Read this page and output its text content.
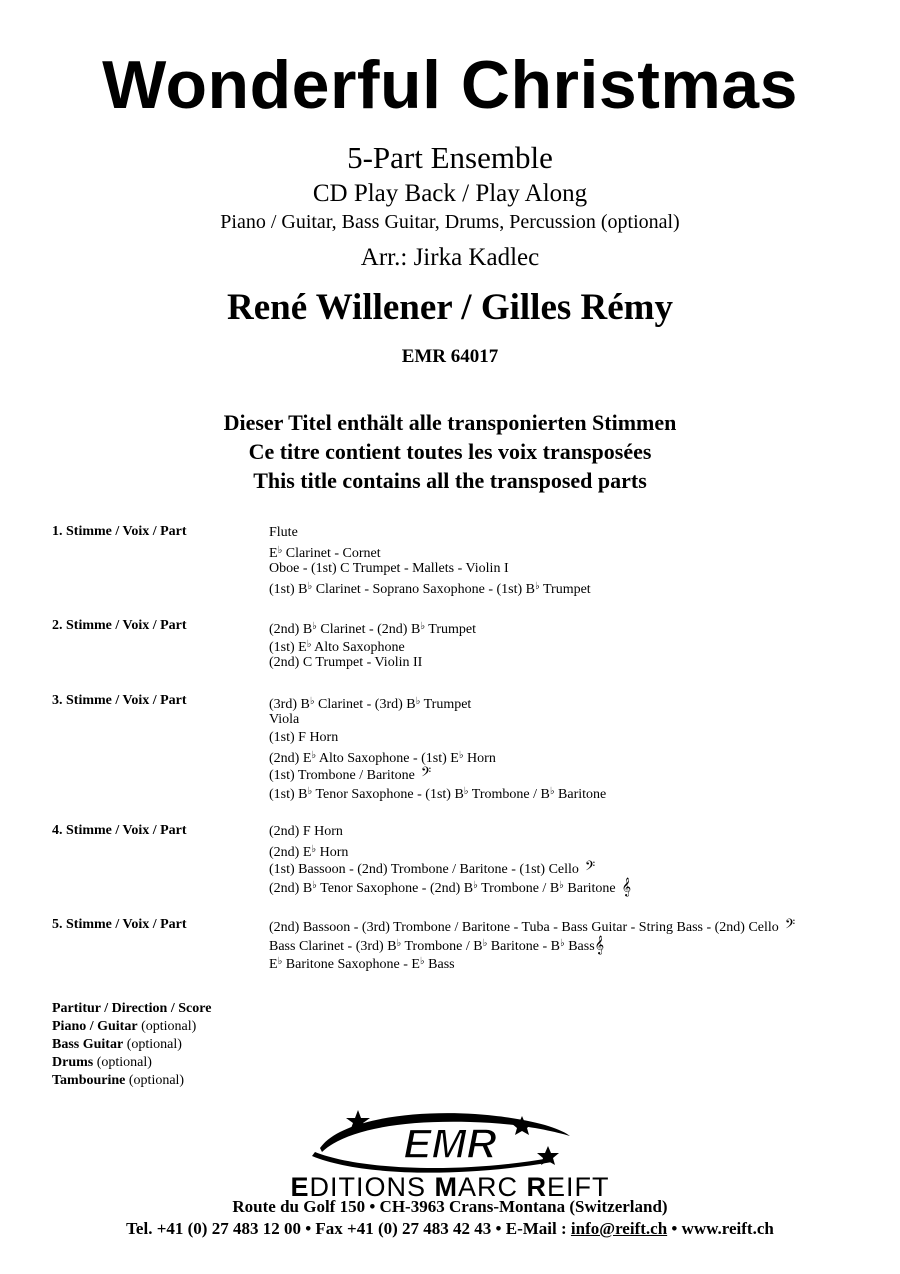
Wonderful Christmas
5-Part Ensemble
CD Play Back / Play Along
Piano / Guitar, Bass Guitar, Drums, Percussion (optional)
Arr.: Jirka Kadlec
René Willener / Gilles Rémy
EMR 64017
Dieser Titel enthält alle transponierten Stimmen
Ce titre contient toutes les voix transposées
This title contains all the transposed parts
1. Stimme / Voix / Part	Flute
E♭ Clarinet - Cornet
Oboe - (1st) C Trumpet - Mallets - Violin I
(1st) B♭ Clarinet - Soprano Saxophone - (1st) B♭ Trumpet
2. Stimme / Voix / Part	(2nd) B♭ Clarinet - (2nd) B♭ Trumpet
(1st) E♭ Alto Saxophone
(2nd) C Trumpet - Violin II
3. Stimme / Voix / Part	(3rd) B♭ Clarinet - (3rd) B♭ Trumpet
Viola
(1st) F Horn
(2nd) E♭ Alto Saxophone - (1st) E♭ Horn
(1st) Trombone / Baritone 𝄢
(1st) B♭ Tenor Saxophone - (1st) B♭ Trombone / B♭ Baritone
4. Stimme / Voix / Part	(2nd) F Horn
(2nd) E♭ Horn
(1st) Bassoon - (2nd) Trombone / Baritone - (1st) Cello 𝄢
(2nd) B♭ Tenor Saxophone - (2nd) B♭ Trombone / B♭ Baritone 𝄞
5. Stimme / Voix / Part	(2nd) Bassoon - (3rd) Trombone / Baritone - Tuba - Bass Guitar - String Bass - (2nd) Cello 𝄢
Bass Clarinet - (3rd) B♭ Trombone / B♭ Baritone - B♭ Bass𝄞
E♭ Baritone Saxophone - E♭ Bass
Partitur / Direction / Score
Piano / Guitar (optional)
Bass Guitar (optional)
Drums (optional)
Tambourine (optional)
EMR
EDITIONS MARC REIFT
Route du Golf 150 • CH-3963 Crans-Montana (Switzerland)
Tel. +41 (0) 27 483 12 00 • Fax +41 (0) 27 483 42 43 • E-Mail : info@reift.ch • www.reift.ch
